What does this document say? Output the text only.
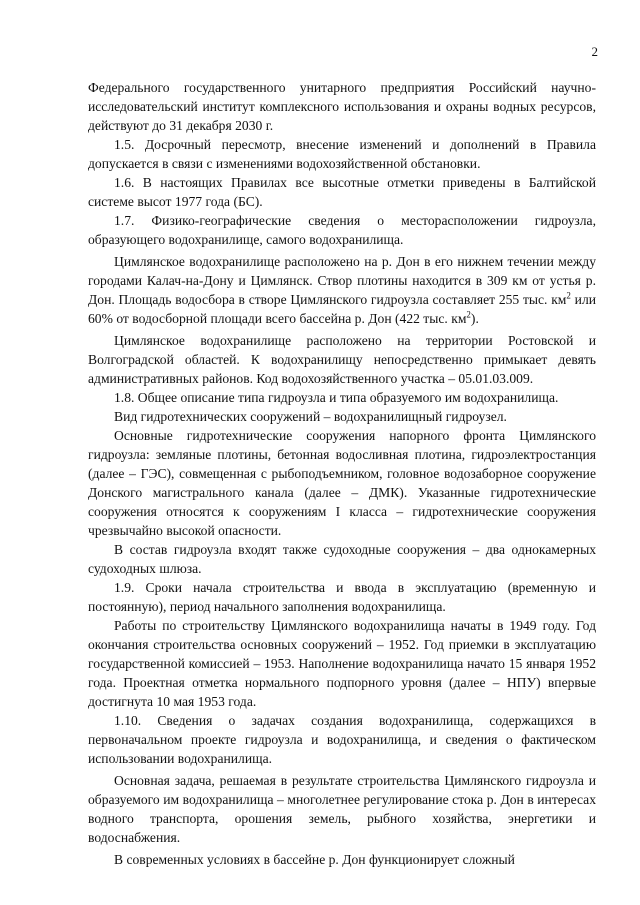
2

Федерального государственного унитарного предприятия Российский научно-исследовательский институт комплексного использования и охраны водных ресурсов, действуют до 31 декабря 2030 г.

1.5. Досрочный пересмотр, внесение изменений и дополнений в Правила допускается в связи с изменениями водохозяйственной обстановки.

1.6. В настоящих Правилах все высотные отметки приведены в Балтийской системе высот 1977 года (БС).

1.7. Физико-географические сведения о месторасположении гидроузла, образующего водохранилище, самого водохранилища.

Цимлянское водохранилище расположено на р. Дон в его нижнем течении между городами Калач-на-Дону и Цимлянск. Створ плотины находится в 309 км от устья р. Дон. Площадь водосбора в створе Цимлянского гидроузла составляет 255 тыс. $км^2$ или 60% от водосборной площади всего бассейна р. Дон (422 тыс. $км^2$).

Цимлянское водохранилище расположено на территории Ростовской и Волгоградской областей. К водохранилищу непосредственно примыкает девять административных районов. Код водохозяйственного участка – 05.01.03.009.

1.8. Общее описание типа гидроузла и типа образуемого им водохранилища.

Вид гидротехнических сооружений – водохранилищный гидроузел.

Основные гидротехнические сооружения напорного фронта Цимлянского гидроузла: земляные плотины, бетонная водосливная плотина, гидроэлектростанция (далее – ГЭС), совмещенная с рыбоподъемником, головное водозаборное сооружение Донского магистрального канала (далее – ДМК). Указанные гидротехнические сооружения относятся к сооружениям I класса – гидротехнические сооружения чрезвычайно высокой опасности.

В состав гидроузла входят также судоходные сооружения – два однокамерных судоходных шлюза.

1.9. Сроки начала строительства и ввода в эксплуатацию (временную и постоянную), период начального заполнения водохранилища.

Работы по строительству Цимлянского водохранилища начаты в 1949 году. Год окончания строительства основных сооружений – 1952. Год приемки в эксплуатацию государственной комиссией – 1953. Наполнение водохранилища начато 15 января 1952 года. Проектная отметка нормального подпорного уровня (далее – НПУ) впервые достигнута 10 мая 1953 года.

1.10. Сведения о задачах создания водохранилища, содержащихся в первоначальном проекте гидроузла и водохранилища, и сведения о фактическом использовании водохранилища.

Основная задача, решаемая в результате строительства Цимлянского гидроузла и образуемого им водохранилища – многолетнее регулирование стока р. Дон в интересах водного транспорта, орошения земель, рыбного хозяйства, энергетики и водоснабжения.

В современных условиях в бассейне р. Дон функционирует сложный
